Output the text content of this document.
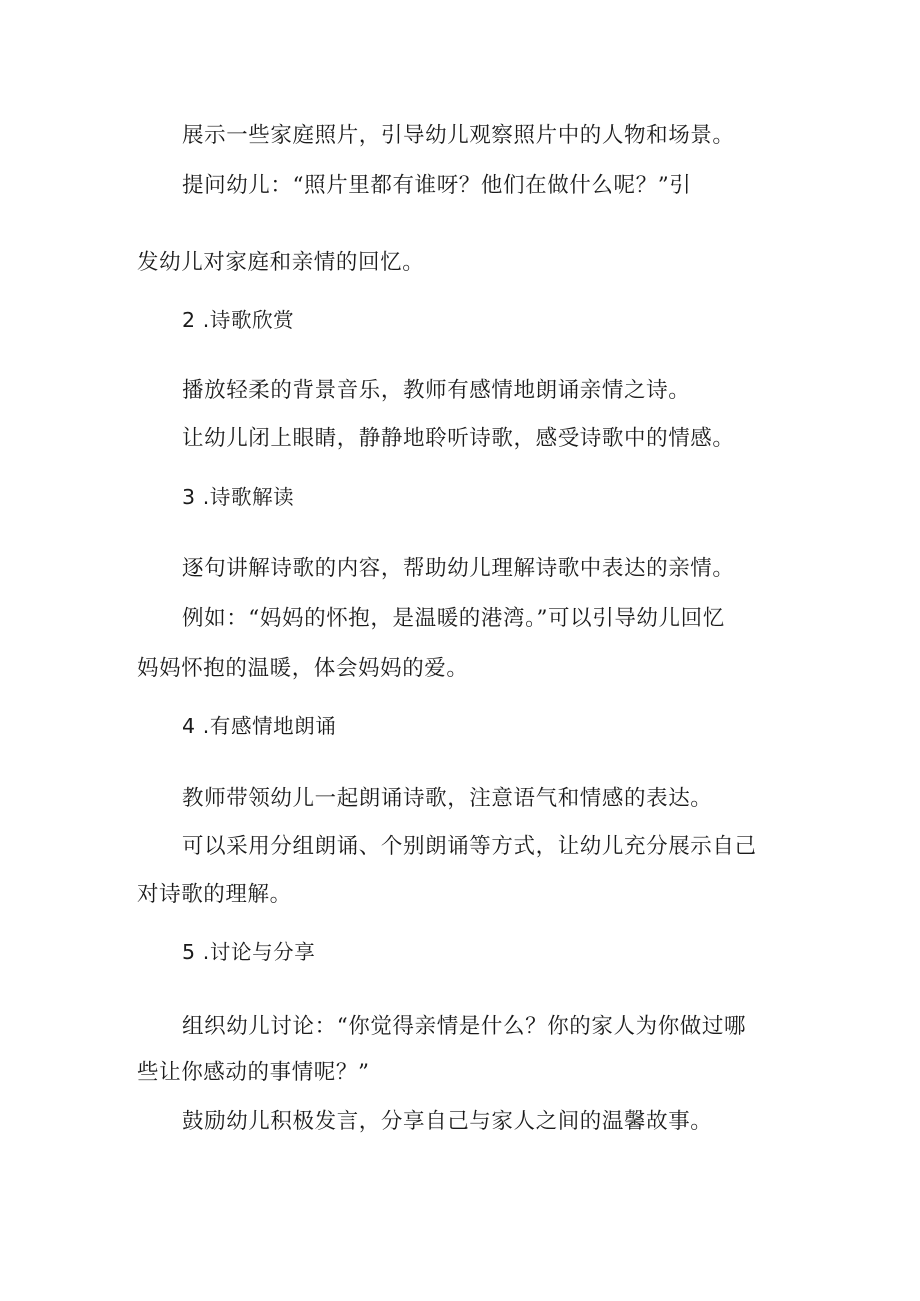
展示一些家庭照片，引导幼儿观察照片中的人物和场景。

提问幼儿：“照片里都有谁呀？他们在做什么呢？”引

发幼儿对家庭和亲情的回忆。

2 .诗歌欣赏

播放轻柔的背景音乐，教师有感情地朗诵亲情之诗。

让幼儿闭上眼睛，静静地聆听诗歌，感受诗歌中的情感。

3 .诗歌解读

逐句讲解诗歌的内容，帮助幼儿理解诗歌中表达的亲情。

例如：“妈妈的怀抱，是温暖的港湾。”可以引导幼儿回忆

妈妈怀抱的温暖，体会妈妈的爱。

4 .有感情地朗诵

教师带领幼儿一起朗诵诗歌，注意语气和情感的表达。

可以采用分组朗诵、个别朗诵等方式，让幼儿充分展示自己

对诗歌的理解。

5 .讨论与分享

组织幼儿讨论：“你觉得亲情是什么？你的家人为你做过哪

些让你感动的事情呢？”

鼓励幼儿积极发言，分享自己与家人之间的温馨故事。
